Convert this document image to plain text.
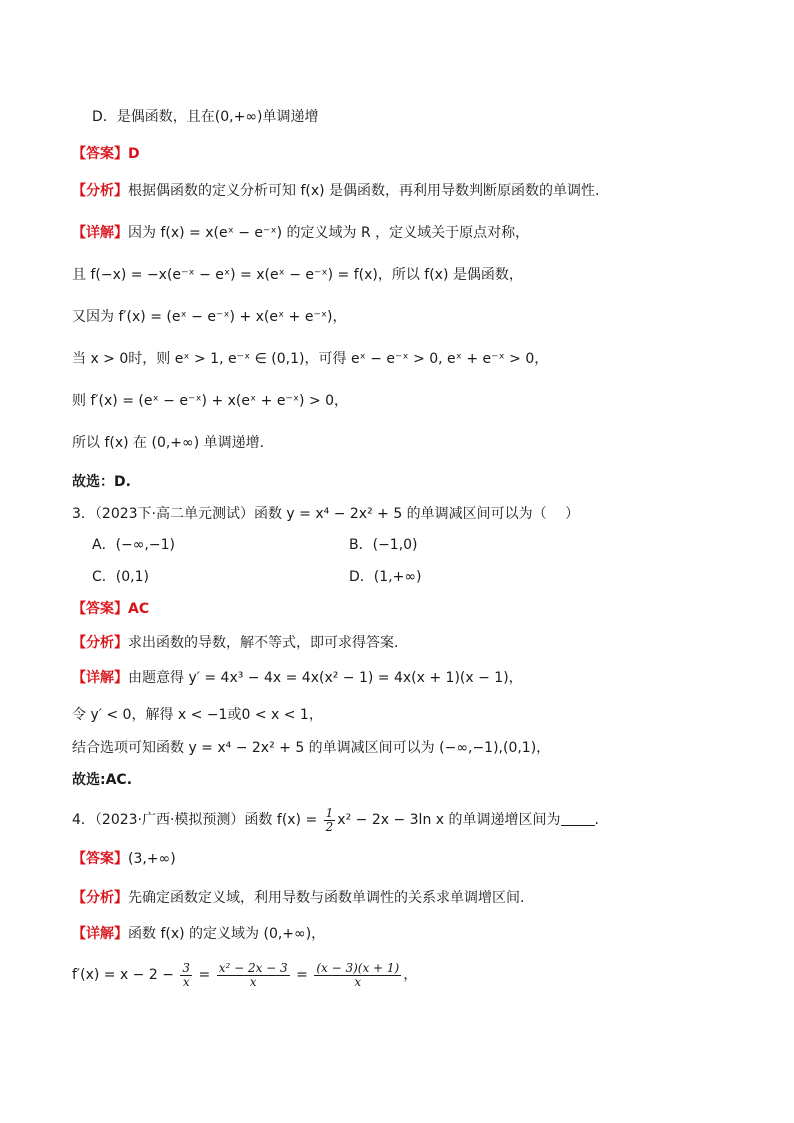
D．是偶函数，且在(0,+∞)单调递增
【答案】D
【分析】根据偶函数的定义分析可知 f(x) 是偶函数，再利用导数判断原函数的单调性.
【详解】因为 f(x) = x(eˣ − e⁻ˣ) 的定义域为 R ，定义域关于原点对称，
且 f(−x) = −x(e⁻ˣ − eˣ) = x(eˣ − e⁻ˣ) = f(x)，所以 f(x) 是偶函数，
又因为 f′(x) = (eˣ − e⁻ˣ) + x(eˣ + e⁻ˣ)，
当 x > 0时，则 eˣ > 1, e⁻ˣ ∈ (0,1)，可得 eˣ − e⁻ˣ > 0, eˣ + e⁻ˣ > 0，
则 f′(x) = (eˣ − e⁻ˣ) + x(eˣ + e⁻ˣ) > 0，
所以 f(x) 在 (0,+∞) 单调递增.
故选：D.
3．（2023下·高二单元测试）函数 y = x⁴ − 2x² + 5 的单调减区间可以为（　 ）
A．(−∞,−1)	B．(−1,0)
C．(0,1)	D．(1,+∞)
【答案】AC
【分析】求出函数的导数，解不等式，即可求得答案.
【详解】由题意得 y′ = 4x³ − 4x = 4x(x² − 1) = 4x(x + 1)(x − 1)，
令 y′ < 0，解得 x < −1或0 < x < 1，
结合选项可知函数 y = x⁴ − 2x² + 5 的单调减区间可以为 (−∞,−1),(0,1)，
故选:AC.
4．（2023·广西·模拟预测）函数 $f(x) = \frac{1}{2} x^2 - 2x - 3\ln$ x 的单调递增区间为 .
【答案】(3,+∞)
【分析】先确定函数定义域，利用导数与函数单调性的关系求单调增区间.
【详解】函数 f(x) 的定义域为 (0,+∞)，
$f'(x) = x - 2 - \frac{3}{x} = \frac{\text{x² − 2x − 3}}{x} = \frac{(x - 3)(x + 1)}{x}$ ，
